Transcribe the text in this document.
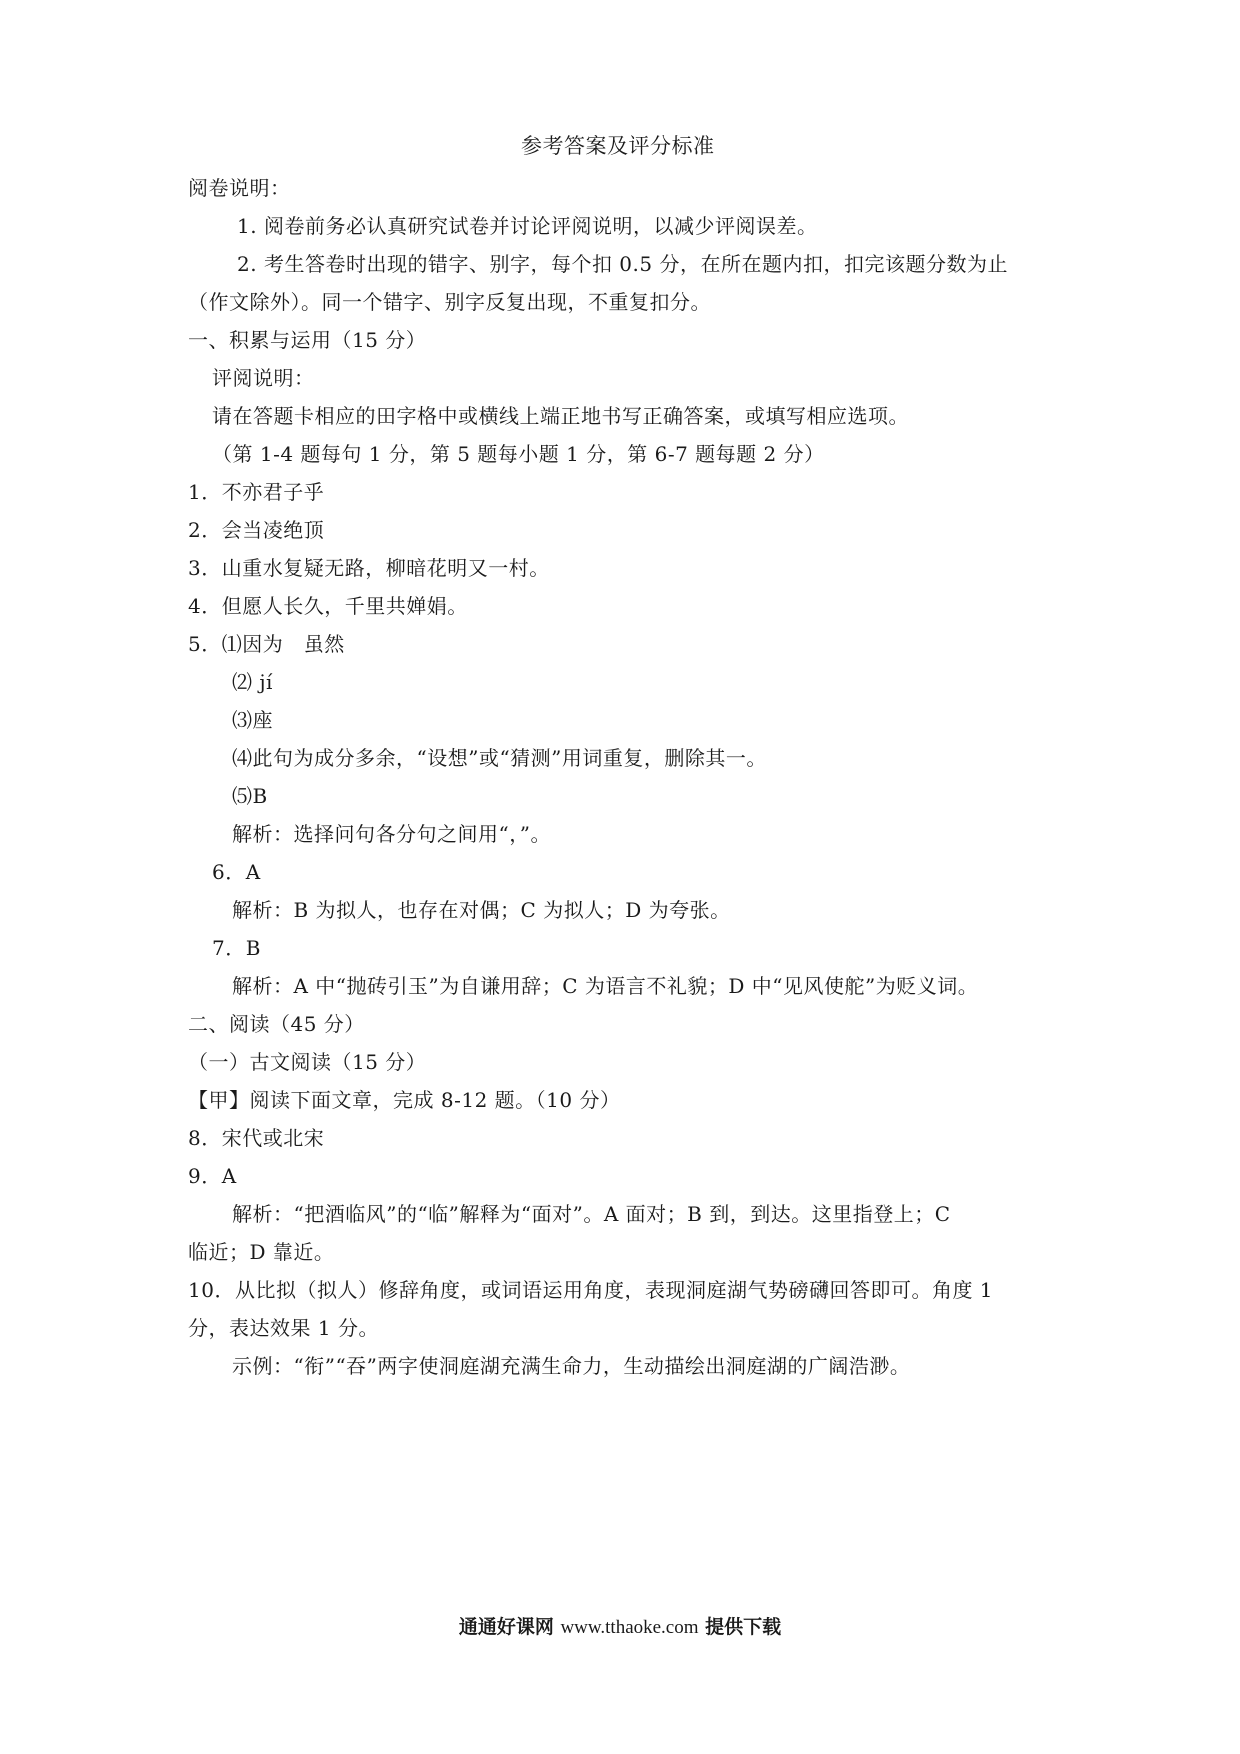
参考答案及评分标准
阅卷说明：
1. 阅卷前务必认真研究试卷并讨论评阅说明，以减少评阅误差。
2. 考生答卷时出现的错字、别字，每个扣 0.5 分，在所在题内扣，扣完该题分数为止
（作文除外）。同一个错字、别字反复出现，不重复扣分。
一、积累与运用（15 分）
评阅说明：
请在答题卡相应的田字格中或横线上端正地书写正确答案，或填写相应选项。
（第 1-4 题每句 1 分，第 5 题每小题 1 分，第 6-7 题每题 2 分）
1．不亦君子乎
2．会当凌绝顶
3．山重水复疑无路，柳暗花明又一村。
4．但愿人长久，千里共婵娟。
5．⑴因为　虽然
⑵ jí
⑶座
⑷此句为成分多余，“设想”或“猜测”用词重复，删除其一。
⑸B
解析：选择问句各分句之间用“，”。
6．A
解析：B 为拟人，也存在对偶；C 为拟人；D 为夸张。
7．B
解析：A 中“抛砖引玉”为自谦用辞；C 为语言不礼貌；D 中“见风使舵”为贬义词。
二、阅读（45 分）
（一）古文阅读（15 分）
【甲】阅读下面文章，完成 8-12 题。（10 分）
8．宋代或北宋
9．A
解析：“把酒临风”的“临”解释为“面对”。A 面对；B 到，到达。这里指登上；C
临近；D 靠近。
10．从比拟（拟人）修辞角度，或词语运用角度，表现洞庭湖气势磅礴回答即可。角度 1
分，表达效果 1 分。
示例：“衔”“吞”两字使洞庭湖充满生命力，生动描绘出洞庭湖的广阔浩渺。
通通好课网 www.tthaoke.com 提供下载
